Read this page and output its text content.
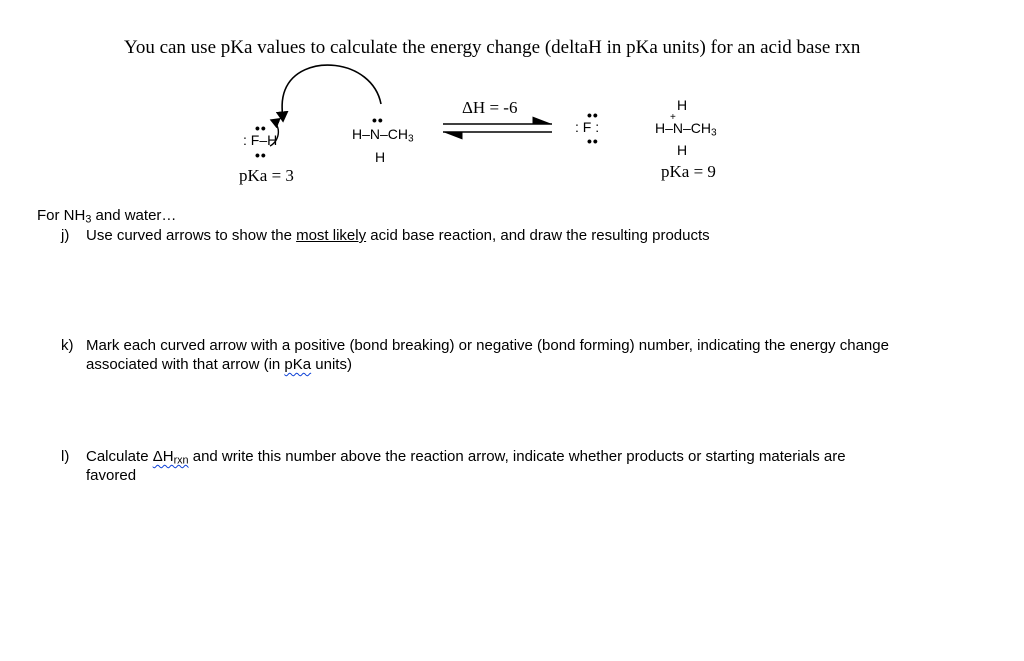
You can use pKa values to calculate the energy change (deltaH in pKa units) for an acid base rxn
ΔH = -6
••
: F–H
••
••
$H-N-CH_3$
H
••
: F :
••
H
+
$H-N-CH_3$
H
pKa = 3	pKa = 9
For $NH_3$ and water…
j) Use curved arrows to show the most likely acid base reaction, and draw the resulting products
k) Mark each curved arrow with a positive (bond breaking) or negative (bond forming) number, indicating the energy change
associated with that arrow (in pKa units)
l) Calculate $\Delta H_{rxn}$ and write this number above the reaction arrow, indicate whether products or starting materials are
favored
